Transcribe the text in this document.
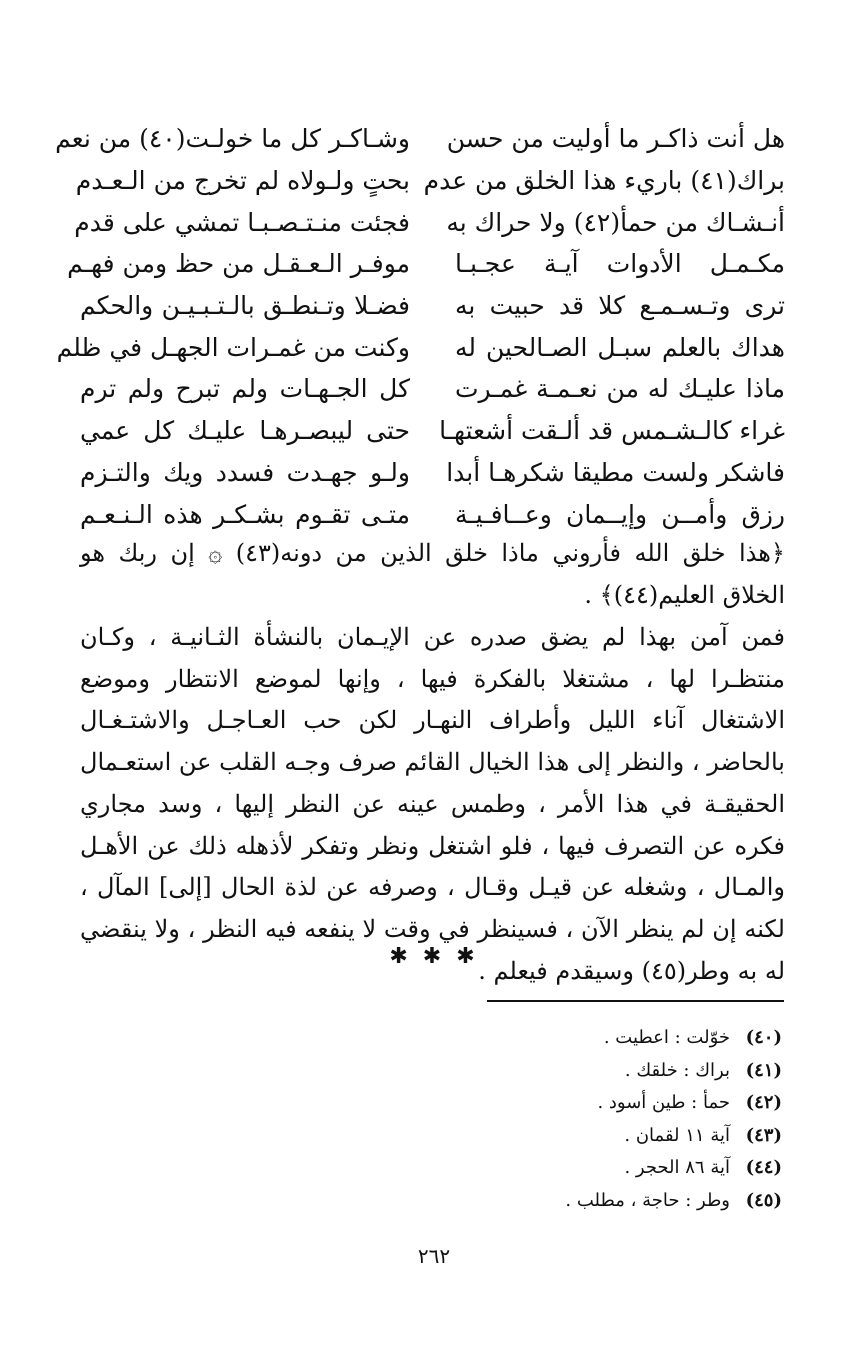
هل أنت ذاكـر ما أوليت من حسن
وشـاكـر كل ما خولـت(٤٠) من نعم
براك(٤١) باريء هذا الخلق من عدم
بحتٍ ولـولاه لم تخرج من الـعـدم
أنـشـاك من حمأ(٤٢) ولا حراك به
فجئت منـتـصـبـا تمشي على قدم
مكـمـل الأدوات آيـة عجـبـا
موفـر الـعـقـل من حظ ومن فهـم
ترى وتـسـمـع كلا قد حبيت به
فضـلا وتـنطـق بالـتـبـيـن والحكم
هداك بالعلم سبـل الصـالحين له
وكنت من غمـرات الجهـل في ظلم
ماذا عليـك له من نعـمـة غمـرت
كل الجـهـات ولم تبرح ولم ترم
غراء كالـشـمس قد ألـقت أشعتهـا
حتى ليبصـرهـا عليـك كل عمي
فاشكر ولست مطيقا شكرهـا أبدا
ولـو جهـدت فسدد ويك والتـزم
رزق وأمــن وإيــمان وعــافـيـة
متـى تقـوم بشـكـر هذه الـنـعـم

﴿هذا خلق الله فأروني ماذا خلق الذين من دونه(٤٣) ۞ إن ربك هو الخلاق العليم(٤٤)﴾ .

فمن آمن بهذا لم يضق صدره عن الإيـمان بالنشأة الثـانيـة ، وكـان منتظـرا لها ، مشتغلا بالفكرة فيها ، وإنها لموضع الانتظار وموضع الاشتغال آناء الليل وأطراف النهـار لكن حب العـاجـل والاشتـغـال بالحاضر ، والنظر إلى هذا الخيال القائم صرف وجـه القلب عن استعـمال الحقيقـة في هذا الأمر ، وطمس عينه عن النظر إليها ، وسد مجاري فكره عن التصرف فيها ، فلو اشتغل ونظر وتفكر لأذهله ذلك عن الأهـل والمـال ، وشغله عن قيـل وقـال ، وصرفه عن لذة الحال [إلى] المآل ، لكنه إن لم ينظر الآن ، فسينظر في وقت لا ينفعه فيه النظر ، ولا ينقضي له به وطر(٤٥) وسيقدم فيعلم .

✱ ✱ ✱
(٤٠)خوّلت : اعطيت .
(٤١)براك : خلقك .
(٤٢)حمأ : طين أسود .
(٤٣)آية ١١ لقمان .
(٤٤)آية ٨٦ الحجر .
(٤٥)وطر : حاجة ، مطلب .
٢٦٢
